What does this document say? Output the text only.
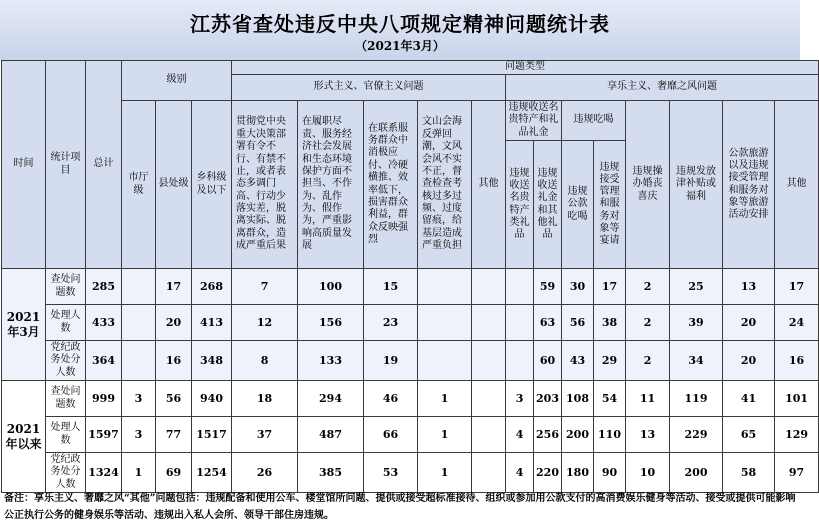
江苏省查处违反中央八项规定精神问题统计表
（2021年3月）
时间	统计项目	总计	级别			问题类型												
						形式主义、官僚主义问题					享乐主义、奢靡之风问题							
			市厅级	县处级	乡科级及以下	贯彻党中央重大决策部署有令不行、有禁不止，或者表态多调门高、行动少落实差，脱离实际、脱离群众，造成严重后果	在履职尽责、服务经济社会发展和生态环境保护方面不担当、不作为、乱作为、假作为，严重影响高质量发展	在联系服务群众中消极应付、冷硬横推、效率低下，损害群众利益，群众反映强烈	文山会海反弹回潮，文风会风不实不正，督查检查考核过多过频、过度留痕，给基层造成严重负担	其他	违规收送名贵特产和礼品礼金		违规吃喝		违规操办婚丧喜庆	违规发放津补贴或福利	公款旅游以及违规接受管理和服务对象等旅游活动安排	其他
											违规收送名贵特产类礼品	违规收送礼金和其他礼品	违规公款吃喝	违规接受管理和服务对象等宴请				
2021年3月	查处问题数	285		17	268	7	100	15				59	30	17	2	25	13	17
	处理人数	433		20	413	12	156	23				63	56	38	2	39	20	24
	党纪政务处分人数	364		16	348	8	133	19				60	43	29	2	34	20	16
2021年以来	查处问题数	999	3	56	940	18	294	46	1		3	203	108	54	11	119	41	101
	处理人数	1597	3	77	1517	37	487	66	1		4	256	200	110	13	229	65	129
	党纪政务处分人数	1324	1	69	1254	26	385	53	1		4	220	180	90	10	200	58	97
备注：享乐主义、奢靡之风“其他”问题包括：违规配备和使用公车、楼堂馆所问题、提供或接受超标准接待、组织或参加用公款支付的高消费娱乐健身等活动、接受或提供可能影响公正执行公务的健身娱乐等活动、违规出入私人会所、领导干部住房违规。
